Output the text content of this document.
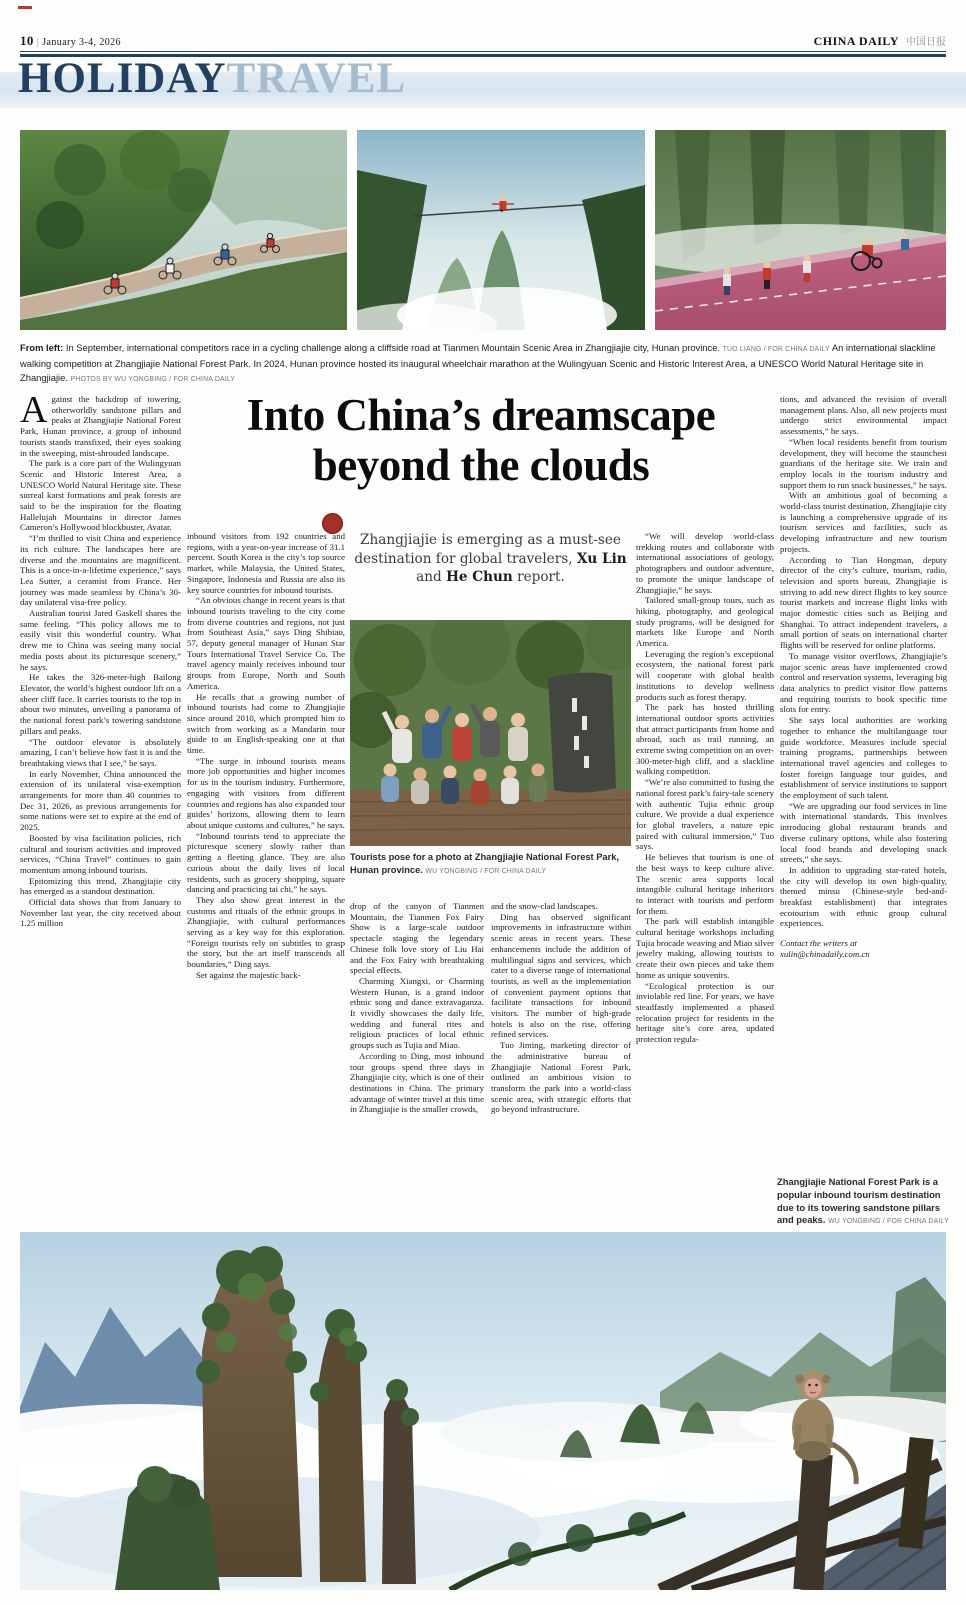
10 | January 3-4, 2026	CHINA DAILY 中国日报
HOLIDAYTRAVEL
From left: In September, international competitors race in a cycling challenge along a cliffside road at Tianmen Mountain Scenic Area in Zhangjiajie city, Hunan province. TUO LIANG / FOR CHINA DAILY An international slackline walking competition at Zhangjiajie National Forest Park. In 2024, Hunan province hosted its inaugural wheelchair marathon at the Wulingyuan Scenic and Historic Interest Area, a UNESCO World Natural Heritage site in Zhangjiajie. PHOTOS BY WU YONGBING / FOR CHINA DAILY
Into China’s dreamscape
beyond the clouds
Zhangjiajie is emerging as a must-see destination for global travelers, Xu Lin and He Chun report.
Tourists pose for a photo at Zhangjiajie National Forest Park, Hunan province. WU YONGBING / FOR CHINA DAILY

Against the backdrop of towering, otherworldly sandstone pillars and peaks at Zhangjiajie National Forest Park, Hunan province, a group of inbound tourists stands transfixed, their eyes soaking in the sweeping, mist-shrouded landscape.

The park is a core part of the Wulingyuan Scenic and Historic Interest Area, a UNESCO World Natural Heritage site. These surreal karst formations and peak forests are said to be the inspiration for the floating Hallelujah Mountains in director James Cameron’s Hollywood blockbuster, Avatar.

“I’m thrilled to visit China and experience its rich culture. The landscapes here are diverse and the mountains are magnificent. This is a once-in-a-lifetime experience,” says Lea Sutter, a ceramist from France. Her journey was made seamless by China’s 30-day unilateral visa-free policy.

Australian tourist Jared Gaskell shares the same feeling. “This policy allows me to easily visit this wonderful country. What drew me to China was seeing many social media posts about its picturesque scenery,” he says.

He takes the 326-meter-high Bailong Elevator, the world’s highest outdoor lift on a sheer cliff face. It carries tourists to the top in about two minutes, unveiling a panorama of the national forest park’s towering sandstone pillars and peaks.

“The outdoor elevator is absolutely amazing, I can’t believe how fast it is and the breathtaking views that I see,” he says.

In early November, China announced the extension of its unilateral visa-exemption arrangements for more than 40 countries to Dec 31, 2026, as previous arrangements for some nations were set to expire at the end of 2025.

Boosted by visa facilitation policies, rich cultural and tourism activities and improved services, “China Travel” continues to gain momentum among inbound tourists.

Epitomizing this trend, Zhangjiajie city has emerged as a standout destination.

Official data shows that from January to November last year, the city received about 1.25 million

inbound visitors from 192 countries and regions, with a year-on-year increase of 31.1 percent. South Korea is the city’s top source market, while Malaysia, the United States, Singapore, Indonesia and Russia are also its key source countries for inbound tourists.

“An obvious change in recent years is that inbound tourists traveling to the city come from diverse countries and regions, not just from Southeast Asia,” says Ding Shibiao, 57, deputy general manager of Hunan Star Tours International Travel Service Co. The travel agency mainly receives inbound tour groups from Europe, North and South America.

He recalls that a growing number of inbound tourists had come to Zhangjiajie since around 2010, which prompted him to switch from working as a Mandarin tour guide to an English-speaking one at that time.

“The surge in inbound tourists means more job opportunities and higher incomes for us in the tourism industry. Furthermore, engaging with visitors from different countries and regions has also expanded tour guides’ horizons, allowing them to learn about unique customs and cultures,” he says.

“Inbound tourists tend to appreciate the picturesque scenery slowly rather than getting a fleeting glance. They are also curious about the daily lives of local residents, such as grocery shopping, square dancing and practicing tai chi,” he says.

They also show great interest in the customs and rituals of the ethnic groups in Zhangjiajie, with cultural performances serving as a key way for this exploration. “Foreign tourists rely on subtitles to grasp the story, but the art itself transcends all boundaries,” Ding says.

Set against the majestic back-

drop of the canyon of Tianmen Mountain, the Tianmen Fox Fairy Show is a large-scale outdoor spectacle staging the legendary Chinese folk love story of Liu Hai and the Fox Fairy with breathtaking special effects.

Charming Xiangxi, or Charming Western Hunan, is a grand indoor ethnic song and dance extravaganza. It vividly showcases the daily life, wedding and funeral rites and religious practices of local ethnic groups such as Tujia and Miao.

According to Ding, most inbound tour groups spend three days in Zhangjiajie city, which is one of their destinations in China. The primary advantage of winter travel at this time in Zhangjiajie is the smaller crowds,

and the snow-clad landscapes.

Ding has observed significant improvements in infrastructure within scenic areas in recent years. These enhancements include the addition of multilingual signs and services, which cater to a diverse range of international tourists, as well as the implementation of convenient payment options that facilitate transactions for inbound visitors. The number of high-grade hotels is also on the rise, offering refined services.

Tuo Jiming, marketing director of the administrative bureau of Zhangjiajie National Forest Park, outlined an ambitious vision to transform the park into a world-class scenic area, with strategic efforts that go beyond infrastructure.

“We will develop world-class trekking routes and collaborate with international associations of geology, photographers and outdoor adventure, to promote the unique landscape of Zhangjiajie,” he says.

Tailored small-group tours, such as hiking, photography, and geological study programs, will be designed for markets like Europe and North America.

Leveraging the region’s exceptional ecosystem, the national forest park will cooperate with global health institutions to develop wellness products such as forest therapy.

The park has hosted thrilling international outdoor sports activities that attract participants from home and abroad, such as trail running, an extreme swing competition on an over-300-meter-high cliff, and a slackline walking competition.

“We’re also committed to fusing the national forest park’s fairy-tale scenery with authentic Tujia ethnic group culture. We provide a dual experience for global travelers, a nature epic paired with cultural immersion,” Tuo says.

He believes that tourism is one of the best ways to keep culture alive. The scenic area supports local intangible cultural heritage inheritors to interact with tourists and perform for them.

The park will establish intangible cultural heritage workshops including Tujia brocade weaving and Miao silver jewelry making, allowing tourists to create their own pieces and take them home as unique souvenirs.

“Ecological protection is our inviolable red line. For years, we have steadfastly implemented a phased relocation project for residents in the heritage site’s core area, updated protection regula-

tions, and advanced the revision of overall management plans. Also, all new projects must undergo strict environmental impact assessments,” he says.

“When local residents benefit from tourism development, they will become the staunchest guardians of the heritage site. We train and employ locals in the tourism industry and support them to run snack businesses,” he says.

With an ambitious goal of becoming a world-class tourist destination, Zhangjiajie city is launching a comprehensive upgrade of its tourism services and facilities, such as developing infrastructure and new tourism projects.

According to Tian Hongman, deputy director of the city’s culture, tourism, radio, television and sports bureau, Zhangjiajie is striving to add new direct flights to key source tourist markets and increase flight links with major domestic cities such as Beijing and Shanghai. To attract independent travelers, a small portion of seats on international charter flights will be reserved for online platforms.

To manage visitor overflows, Zhangjiajie’s major scenic areas have implemented crowd control and reservation systems, leveraging big data analytics to predict visitor flow patterns and requiring tourists to book specific time slots for entry.

She says local authorities are working together to enhance the multilanguage tour guide workforce. Measures include special training programs, partnerships between international travel agencies and colleges to foster foreign language tour guides, and establishment of service institutions to support the employment of such talent.

“We are upgrading our food services in line with international standards. This involves introducing global restaurant brands and diverse culinary options, while also fostering local food brands and developing snack streets,” she says.

In addition to upgrading star-rated hotels, the city will develop its own high-quality, themed minsu (Chinese-style bed-and-breakfast establishment) that integrates ecotourism with ethnic group cultural experiences.

Contact the writers at
xulin@chinadaily.com.cn
Zhangjiajie National Forest Park is a popular inbound tourism destination due to its towering sandstone pillars and peaks. WU YONGBING / FOR CHINA DAILY
